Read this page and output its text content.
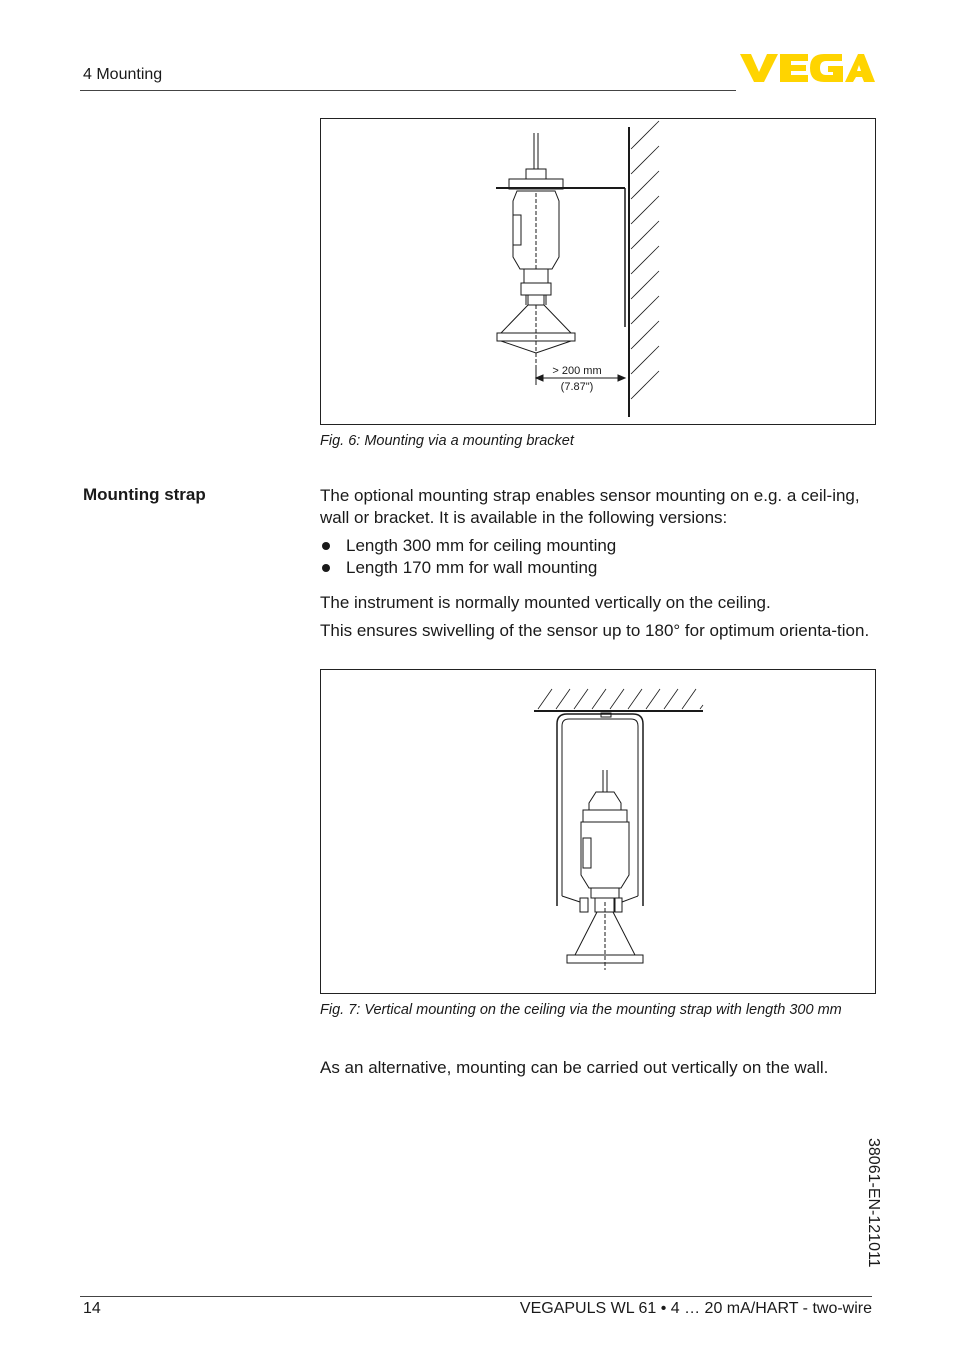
4 Mounting
> 200 mm
(7.87")
Fig. 6: Mounting via a mounting bracket
Mounting strap	The optional mounting strap enables sensor mounting on e.g. a ceil-ing, wall or bracket. It is available in the following versions:
Length 300 mm for ceiling mounting
Length 170 mm for wall mounting
The instrument is normally mounted vertically on the ceiling.
This ensures swivelling of the sensor up to 180° for optimum orienta-tion.
Fig. 7: Vertical mounting on the ceiling via the mounting strap with length 300 mm
As an alternative, mounting can be carried out vertically on the wall.
38061-EN-121011
14	VEGAPULS WL 61 • 4 … 20 mA/HART - two-wire
